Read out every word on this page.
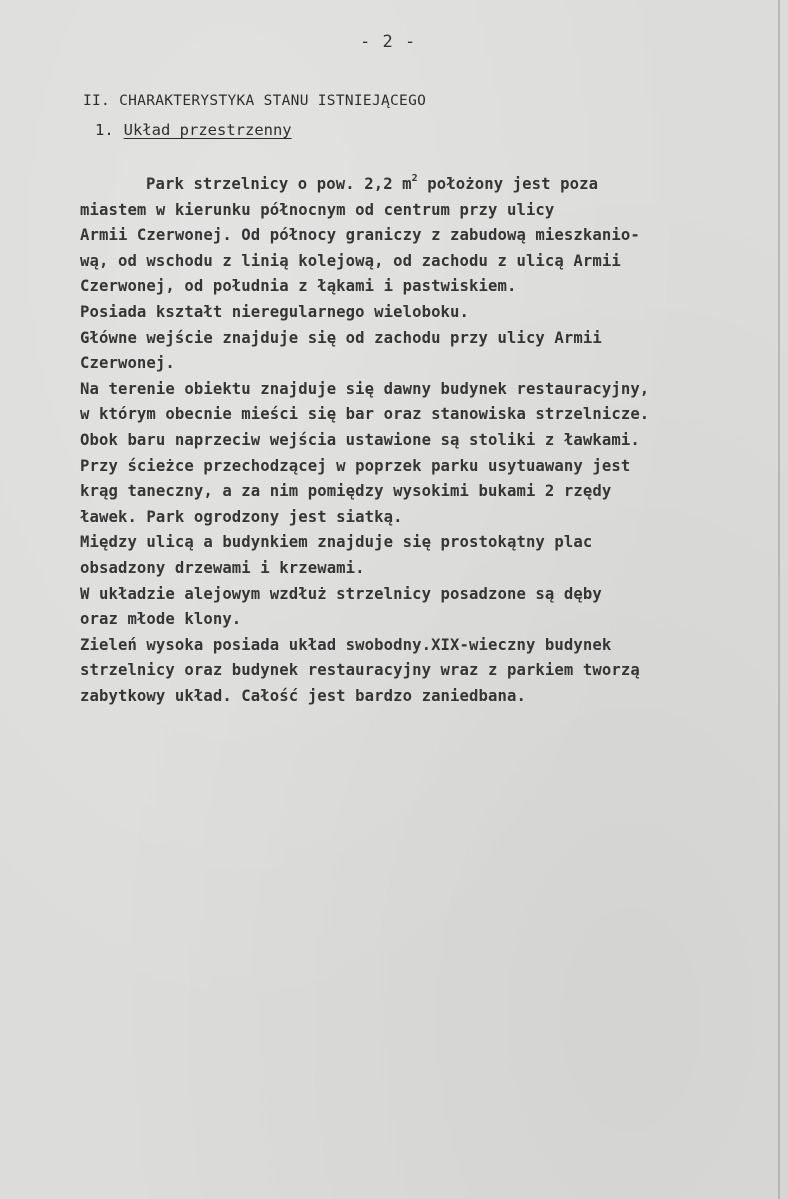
- 2 -
II. CHARAKTERYSTYKA STANU ISTNIEJĄCEGO
1. Układ przestrzenny
Park strzelnicy o pow. 2,2 $m^2$ położony jest poza
miastem w kierunku północnym od centrum przy ulicy
Armii Czerwonej. Od północy graniczy z zabudową mieszkanio-
wą, od wschodu z linią kolejową, od zachodu z ulicą Armii
Czerwonej, od południa z łąkami i pastwiskiem.
Posiada kształt nieregularnego wieloboku.
Główne wejście znajduje się od zachodu przy ulicy Armii
Czerwonej.
Na terenie obiektu znajduje się dawny budynek restauracyjny,
w którym obecnie mieści się bar oraz stanowiska strzelnicze.
Obok baru naprzeciw wejścia ustawione są stoliki z ławkami.
Przy ścieżce przechodzącej w poprzek parku usytuawany jest
krąg taneczny, a za nim pomiędzy wysokimi bukami 2 rzędy
ławek. Park ogrodzony jest siatką.
Między ulicą a budynkiem znajduje się prostokątny plac
obsadzony drzewami i krzewami.
W układzie alejowym wzdłuż strzelnicy posadzone są dęby
oraz młode klony.
Zieleń wysoka posiada układ swobodny.XIX-wieczny budynek
strzelnicy oraz budynek restauracyjny wraz z parkiem tworzą
zabytkowy układ. Całość jest bardzo zaniedbana.
